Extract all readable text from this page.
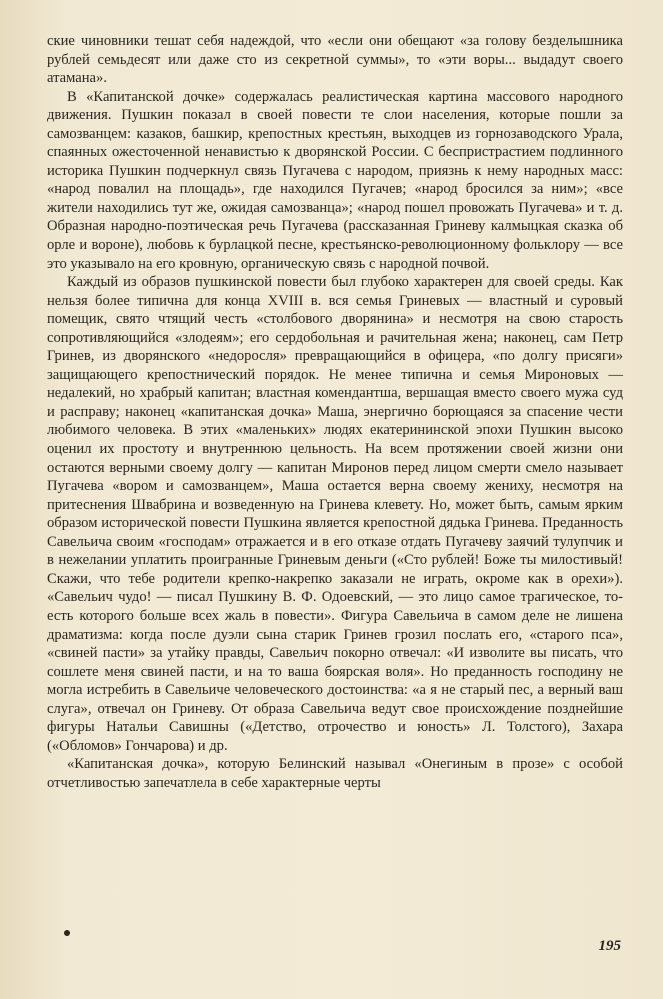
ские чиновники тешат себя надеждой, что «если они обещают «за голову безделышника рублей семьдесят или даже сто из секретной суммы», то «эти воры... выдадут своего атамана».

В «Капитанской дочке» содержалась реалистическая картина массового народного движения. Пушкин показал в своей повести те слои населения, которые пошли за самозванцем: казаков, башкир, крепостных крестьян, выходцев из горнозаводского Урала, спаянных ожесточенной ненавистью к дворянской России. С беспристрастием подлинного историка Пушкин подчеркнул связь Пугачева с народом, приязнь к нему народных масс: «народ повалил на площадь», где находился Пугачев; «народ бросился за ним»; «все жители находились тут же, ожидая самозванца»; «народ пошел провожать Пугачева» и т. д. Образная народно-поэтическая речь Пугачева (рассказанная Гриневу калмыцкая сказка об орле и вороне), любовь к бурлацкой песне, крестьянско-революционному фольклору — все это указывало на его кровную, органическую связь с народной почвой.

Каждый из образов пушкинской повести был глубоко характерен для своей среды. Как нельзя более типична для конца XVIII в. вся семья Гриневых — властный и суровый помещик, свято чтящий честь «столбового дворянина» и несмотря на свою старость сопротивляющийся «злодеям»; его сердобольная и рачительная жена; наконец, сам Петр Гринев, из дворянского «недоросля» превращающийся в офицера, «по долгу присяги» защищающего крепостнический порядок. Не менее типична и семья Мироновых — недалекий, но храбрый капитан; властная комендантша, вершащая вместо своего мужа суд и расправу; наконец «капитанская дочка» Маша, энергично борющаяся за спасение чести любимого человека. В этих «маленьких» людях екатерининской эпохи Пушкин высоко оценил их простоту и внутреннюю цельность. На всем протяжении своей жизни они остаются верными своему долгу — капитан Миронов перед лицом смерти смело называет Пугачева «вором и самозванцем», Маша остается верна своему жениху, несмотря на притеснения Швабрина и возведенную на Гринева клевету. Но, может быть, самым ярким образом исторической повести Пушкина является крепостной дядька Гринева. Преданность Савельича своим «господам» отражается и в его отказе отдать Пугачеву заячий тулупчик и в нежелании уплатить проигранные Гриневым деньги («Сто рублей! Боже ты милостивый! Скажи, что тебе родители крепко-накрепко заказали не играть, окроме как в орехи»). «Савельич чудо! — писал Пушкину В. Ф. Одоевский, — это лицо самое трагическое, то-есть которого больше всех жаль в повести». Фигура Савельича в самом деле не лишена драматизма: когда после дуэли сына старик Гринев грозил послать его, «старого пса», «свиней пасти» за утайку правды, Савельич покорно отвечал: «И изволите вы писать, что сошлете меня свиней пасти, и на то ваша боярская воля». Но преданность господину не могла истребить в Савельиче человеческого достоинства: «а я не старый пес, а верный ваш слуга», отвечал он Гриневу. От образа Савельича ведут свое происхождение позднейшие фигуры Натальи Савишны («Детство, отрочество и юность» Л. Толстого), Захара («Обломов» Гончарова) и др.

«Капитанская дочка», которую Белинский называл «Онегиным в прозе» с особой отчетливостью запечатлела в себе характерные черты

195
